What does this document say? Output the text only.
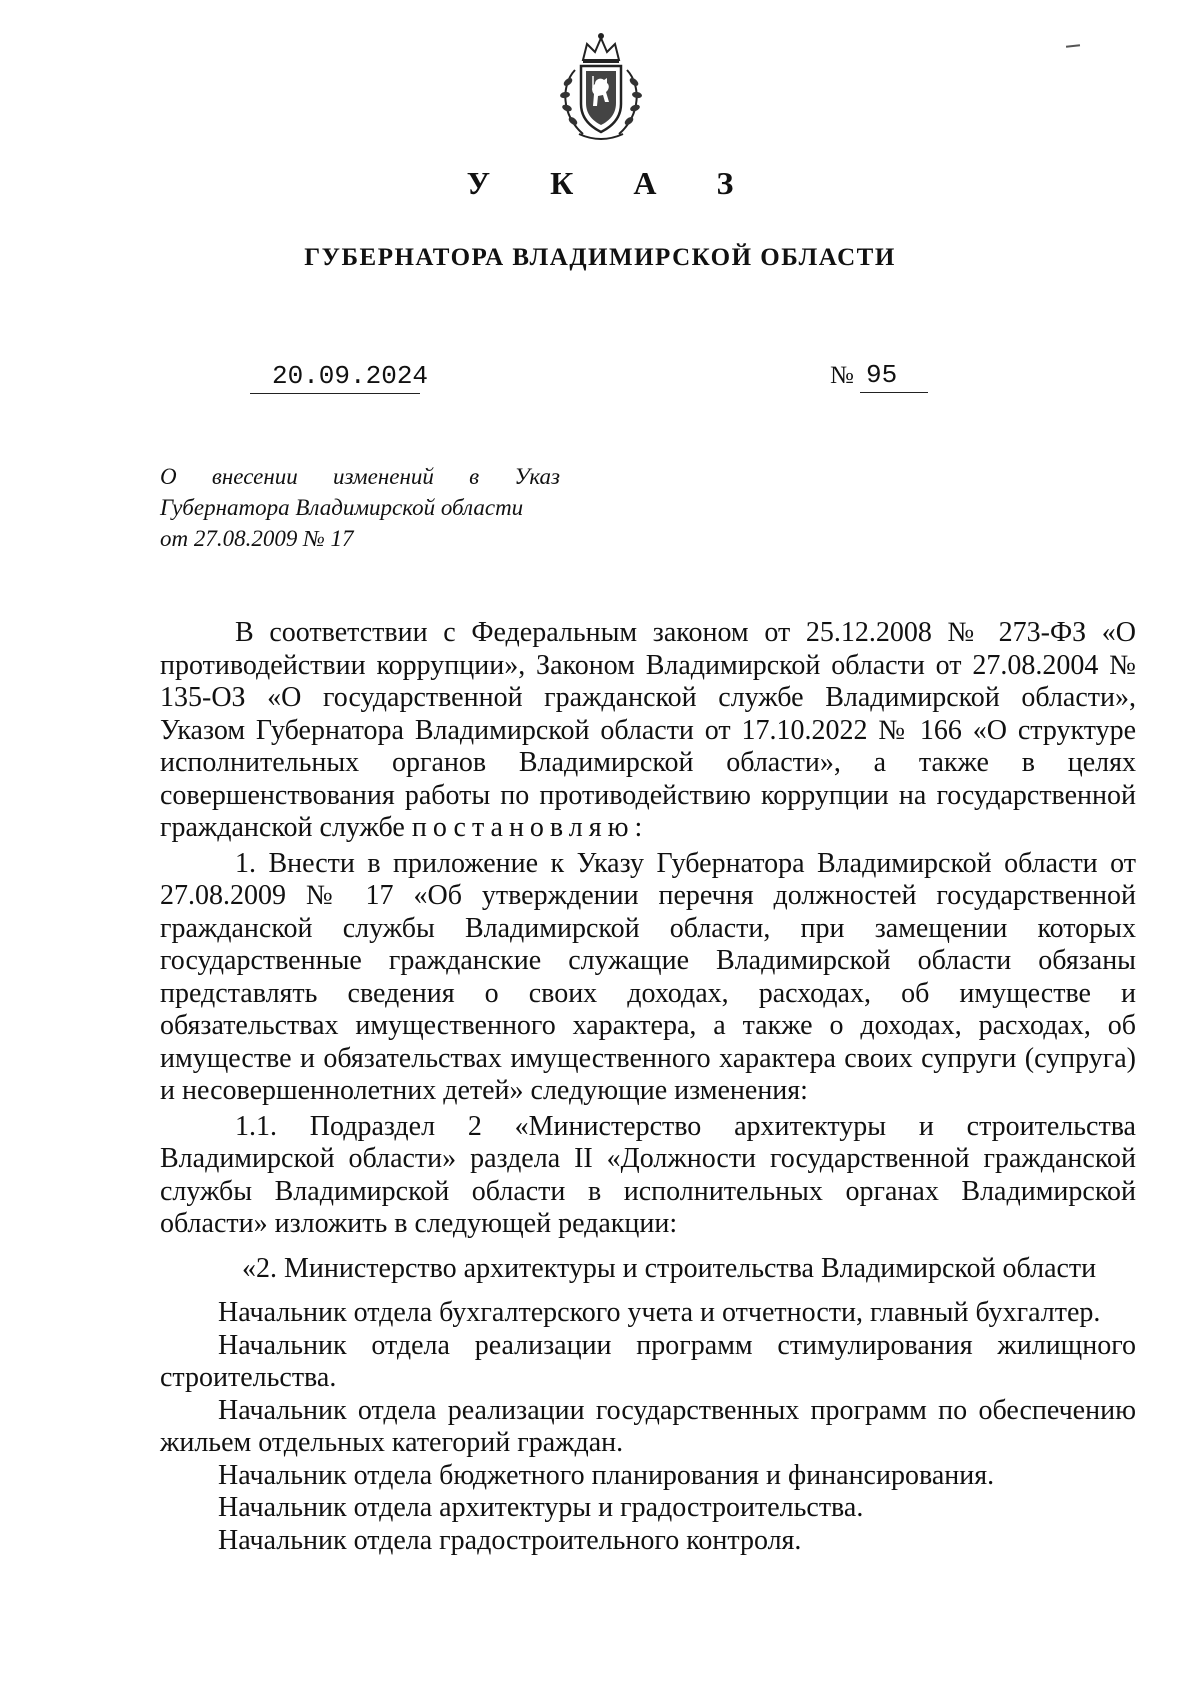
У К А З
ГУБЕРНАТОРА ВЛАДИМИРСКОЙ ОБЛАСТИ
20.09.2024	№ 95
О внесении изменений в Указ
Губернатора Владимирской области
от 27.08.2009 № 17

В соответствии с Федеральным законом от 25.12.2008 № 273-ФЗ «О противодействии коррупции», Законом Владимирской области от 27.08.2004 № 135-ОЗ «О государственной гражданской службе Владимирской области», Указом Губернатора Владимирской области от 17.10.2022 № 166 «О структуре исполнительных органов Владимирской области», а также в целях совершенствования работы по противодействию коррупции на государственной гражданской службе постановляю:

1. Внести в приложение к Указу Губернатора Владимирской области от 27.08.2009 № 17 «Об утверждении перечня должностей государственной гражданской службы Владимирской области, при замещении которых государственные гражданские служащие Владимирской области обязаны представлять сведения о своих доходах, расходах, об имуществе и обязательствах имущественного характера, а также о доходах, расходах, об имуществе и обязательствах имущественного характера своих супруги (супруга) и несовершеннолетних детей» следующие изменения:

1.1. Подраздел 2 «Министерство архитектуры и строительства Владимирской области» раздела II «Должности государственной гражданской службы Владимирской области в исполнительных органах Владимирской области» изложить в следующей редакции:

«2. Министерство архитектуры и строительства Владимирской области

Начальник отдела бухгалтерского учета и отчетности, главный бухгалтер.

Начальник отдела реализации программ стимулирования жилищного строительства.

Начальник отдела реализации государственных программ по обеспечению жильем отдельных категорий граждан.

Начальник отдела бюджетного планирования и финансирования.

Начальник отдела архитектуры и градостроительства.

Начальник отдела градостроительного контроля.
